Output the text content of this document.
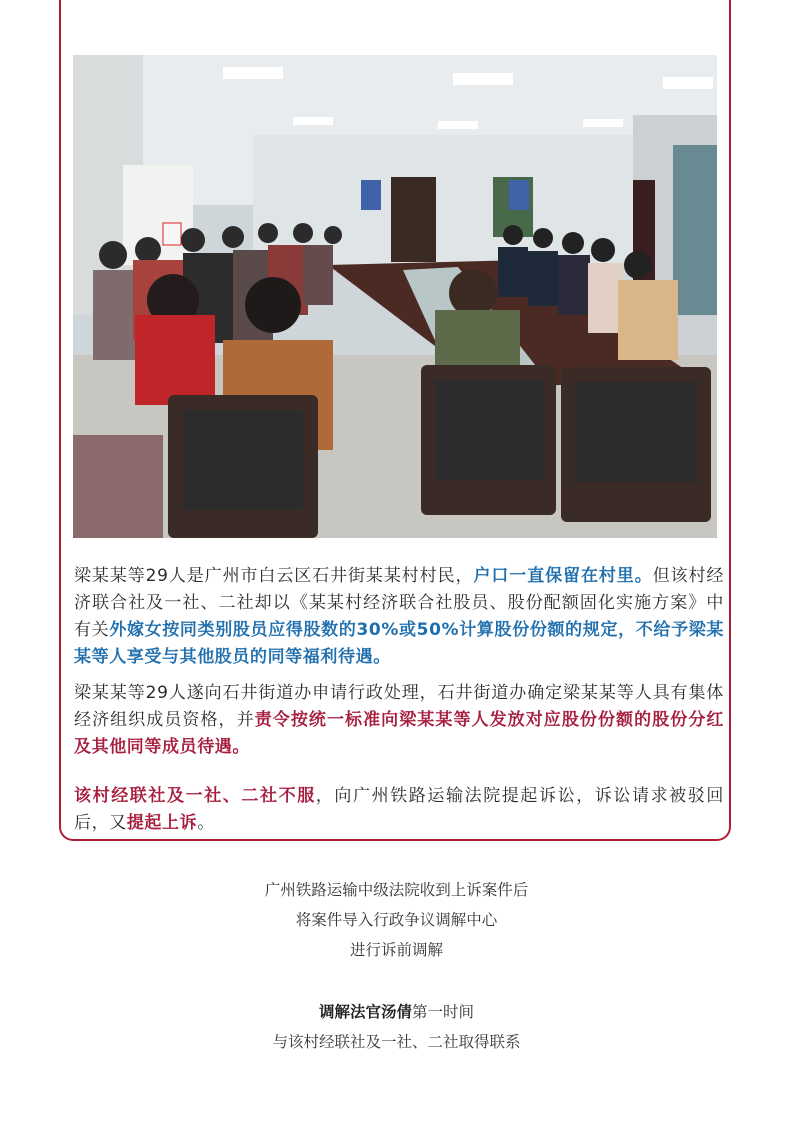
梁某某等29人是广州市白云区石井街某某村村民，户口一直保留在村里。但该村经济联合社及一社、二社却以《某某村经济联合社股员、股份配额固化实施方案》中有关外嫁女按同类别股员应得股数的30%或50%计算股份份额的规定，不给予梁某某等人享受与其他股员的同等福利待遇。

梁某某等29人遂向石井街道办申请行政处理，石井街道办确定梁某某等人具有集体经济组织成员资格，并责令按统一标准向梁某某等人发放对应股份份额的股份分红及其他同等成员待遇。

该村经联社及一社、二社不服，向广州铁路运输法院提起诉讼，诉讼请求被驳回后，又提起上诉。

广州铁路运输中级法院收到上诉案件后
将案件导入行政争议调解中心
进行诉前调解
调解法官汤倩第一时间
与该村经联社及一社、二社取得联系
